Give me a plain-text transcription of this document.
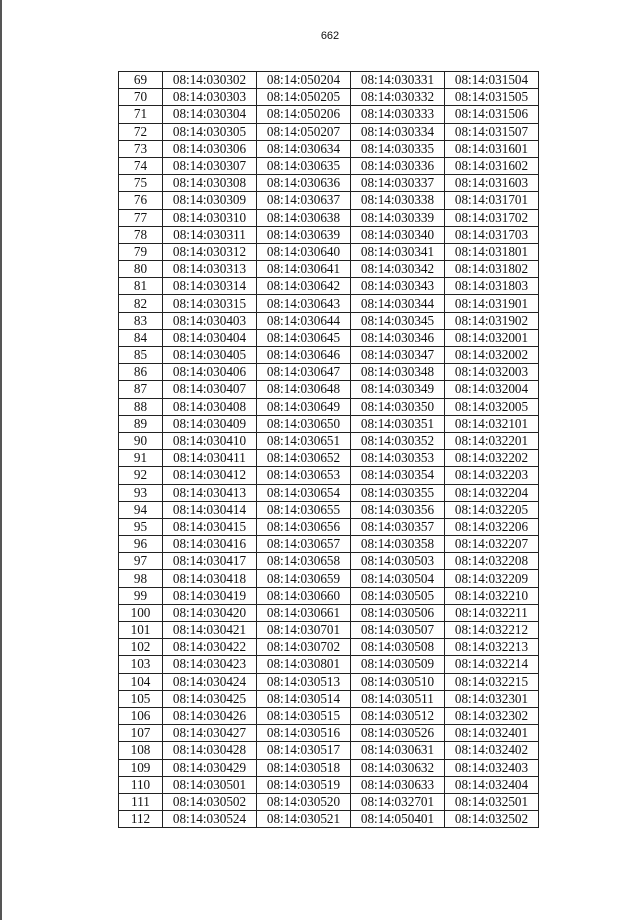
662
69	08:14:030302	08:14:050204	08:14:030331	08:14:031504
70	08:14:030303	08:14:050205	08:14:030332	08:14:031505
71	08:14:030304	08:14:050206	08:14:030333	08:14:031506
72	08:14:030305	08:14:050207	08:14:030334	08:14:031507
73	08:14:030306	08:14:030634	08:14:030335	08:14:031601
74	08:14:030307	08:14:030635	08:14:030336	08:14:031602
75	08:14:030308	08:14:030636	08:14:030337	08:14:031603
76	08:14:030309	08:14:030637	08:14:030338	08:14:031701
77	08:14:030310	08:14:030638	08:14:030339	08:14:031702
78	08:14:030311	08:14:030639	08:14:030340	08:14:031703
79	08:14:030312	08:14:030640	08:14:030341	08:14:031801
80	08:14:030313	08:14:030641	08:14:030342	08:14:031802
81	08:14:030314	08:14:030642	08:14:030343	08:14:031803
82	08:14:030315	08:14:030643	08:14:030344	08:14:031901
83	08:14:030403	08:14:030644	08:14:030345	08:14:031902
84	08:14:030404	08:14:030645	08:14:030346	08:14:032001
85	08:14:030405	08:14:030646	08:14:030347	08:14:032002
86	08:14:030406	08:14:030647	08:14:030348	08:14:032003
87	08:14:030407	08:14:030648	08:14:030349	08:14:032004
88	08:14:030408	08:14:030649	08:14:030350	08:14:032005
89	08:14:030409	08:14:030650	08:14:030351	08:14:032101
90	08:14:030410	08:14:030651	08:14:030352	08:14:032201
91	08:14:030411	08:14:030652	08:14:030353	08:14:032202
92	08:14:030412	08:14:030653	08:14:030354	08:14:032203
93	08:14:030413	08:14:030654	08:14:030355	08:14:032204
94	08:14:030414	08:14:030655	08:14:030356	08:14:032205
95	08:14:030415	08:14:030656	08:14:030357	08:14:032206
96	08:14:030416	08:14:030657	08:14:030358	08:14:032207
97	08:14:030417	08:14:030658	08:14:030503	08:14:032208
98	08:14:030418	08:14:030659	08:14:030504	08:14:032209
99	08:14:030419	08:14:030660	08:14:030505	08:14:032210
100	08:14:030420	08:14:030661	08:14:030506	08:14:032211
101	08:14:030421	08:14:030701	08:14:030507	08:14:032212
102	08:14:030422	08:14:030702	08:14:030508	08:14:032213
103	08:14:030423	08:14:030801	08:14:030509	08:14:032214
104	08:14:030424	08:14:030513	08:14:030510	08:14:032215
105	08:14:030425	08:14:030514	08:14:030511	08:14:032301
106	08:14:030426	08:14:030515	08:14:030512	08:14:032302
107	08:14:030427	08:14:030516	08:14:030526	08:14:032401
108	08:14:030428	08:14:030517	08:14:030631	08:14:032402
109	08:14:030429	08:14:030518	08:14:030632	08:14:032403
110	08:14:030501	08:14:030519	08:14:030633	08:14:032404
111	08:14:030502	08:14:030520	08:14:032701	08:14:032501
112	08:14:030524	08:14:030521	08:14:050401	08:14:032502
